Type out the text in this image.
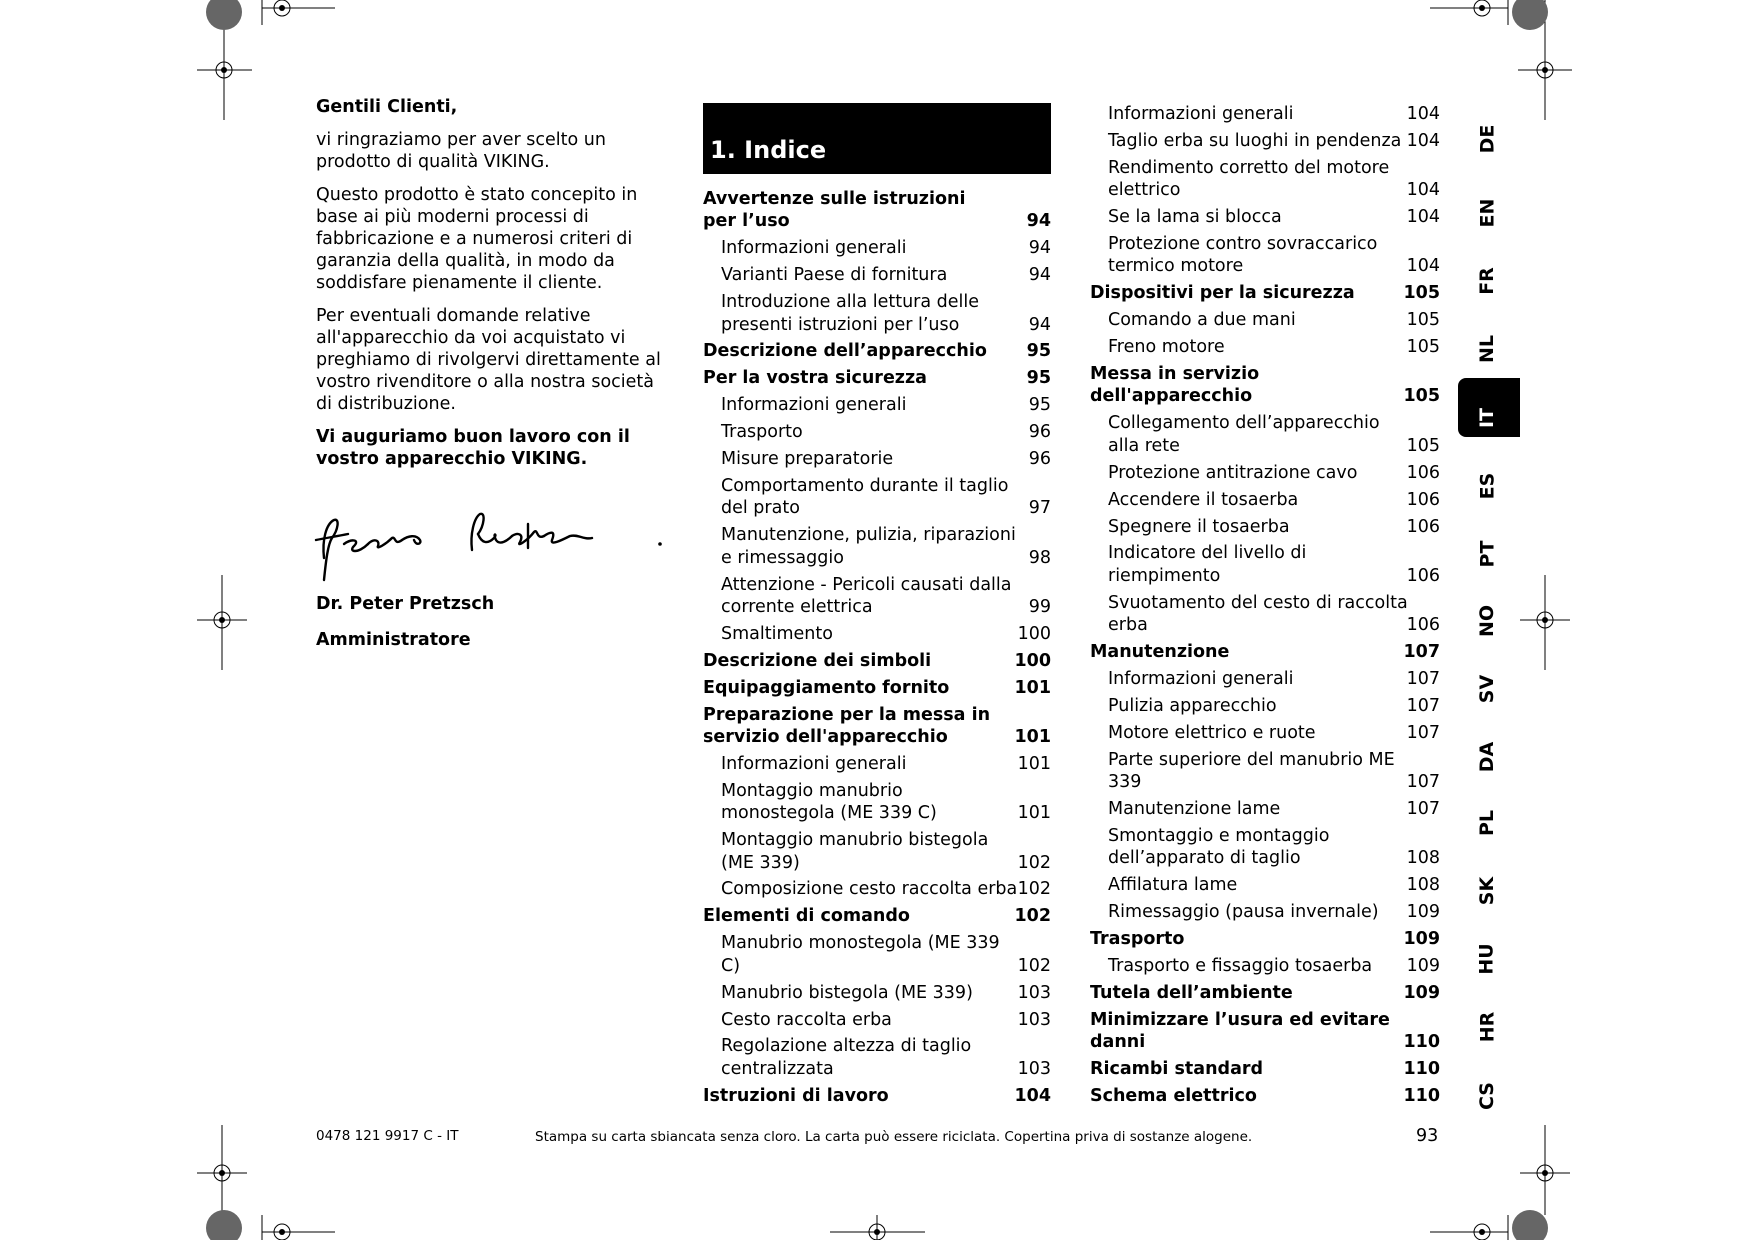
Gentili Clienti,

vi ringraziamo per aver scelto un prodotto di qualità VIKING.

Questo prodotto è stato concepito in base ai più moderni processi di fabbricazione e a numerosi criteri di garanzia della qualità, in modo da soddisfare pienamente il cliente.

Per eventuali domande relative all'apparecchio da voi acquistato vi preghiamo di rivolgervi direttamente al vostro rivenditore o alla nostra società di distribuzione.

Vi auguriamo buon lavoro con il vostro apparecchio VIKING.

Dr. Peter Pretzsch
Amministratore
1. Indice
Avvertenze sulle istruzioni per l’uso	94
Informazioni generali	94
Varianti Paese di fornitura	94
Introduzione alla lettura delle presenti istruzioni per l’uso	94
Descrizione dell’apparecchio	95
Per la vostra sicurezza	95
Informazioni generali	95
Trasporto	96
Misure preparatorie	96
Comportamento durante il taglio del prato	97
Manutenzione, pulizia, riparazioni e rimessaggio	98
Attenzione - Pericoli causati dalla corrente elettrica	99
Smaltimento	100
Descrizione dei simboli	100
Equipaggiamento fornito	101
Preparazione per la messa in servizio dell'apparecchio	101
Informazioni generali	101
Montaggio manubrio monostegola (ME 339 C)	101
Montaggio manubrio bistegola (ME 339)	102
Composizione cesto raccolta erba 102
Elementi di comando	102
Manubrio monostegola (ME 339 C)	102
Manubrio bistegola (ME 339)	103
Cesto raccolta erba	103
Regolazione altezza di taglio centralizzata	103
Istruzioni di lavoro	104
Informazioni generali	104
Taglio erba su luoghi in pendenza 104
Rendimento corretto del motore elettrico	104
Se la lama si blocca	104
Protezione contro sovraccarico termico motore	104
Dispositivi per la sicurezza	105
Comando a due mani	105
Freno motore	105
Messa in servizio dell'apparecchio	105
Collegamento dell’apparecchio alla rete	105
Protezione antitrazione cavo	106
Accendere il tosaerba	106
Spegnere il tosaerba	106
Indicatore del livello di riempimento	106
Svuotamento del cesto di raccolta erba	106
Manutenzione	107
Informazioni generali	107
Pulizia apparecchio	107
Motore elettrico e ruote	107
Parte superiore del manubrio ME 339	107
Manutenzione lame	107
Smontaggio e montaggio dell’apparato di taglio	108
Affilatura lame	108
Rimessaggio (pausa invernale)	109
Trasporto	109
Trasporto e fissaggio tosaerba	109
Tutela dell’ambiente	109
Minimizzare l’usura ed evitare danni	110
Ricambi standard	110
Schema elettrico	110
DE
EN
FR
NL
IT
ES
PT
NO
SV
DA
PL
SK
HU
HR
CS
0478 121 9917 C - IT	Stampa su carta sbiancata senza cloro. La carta può essere riciclata. Copertina priva di sostanze alogene.	93
